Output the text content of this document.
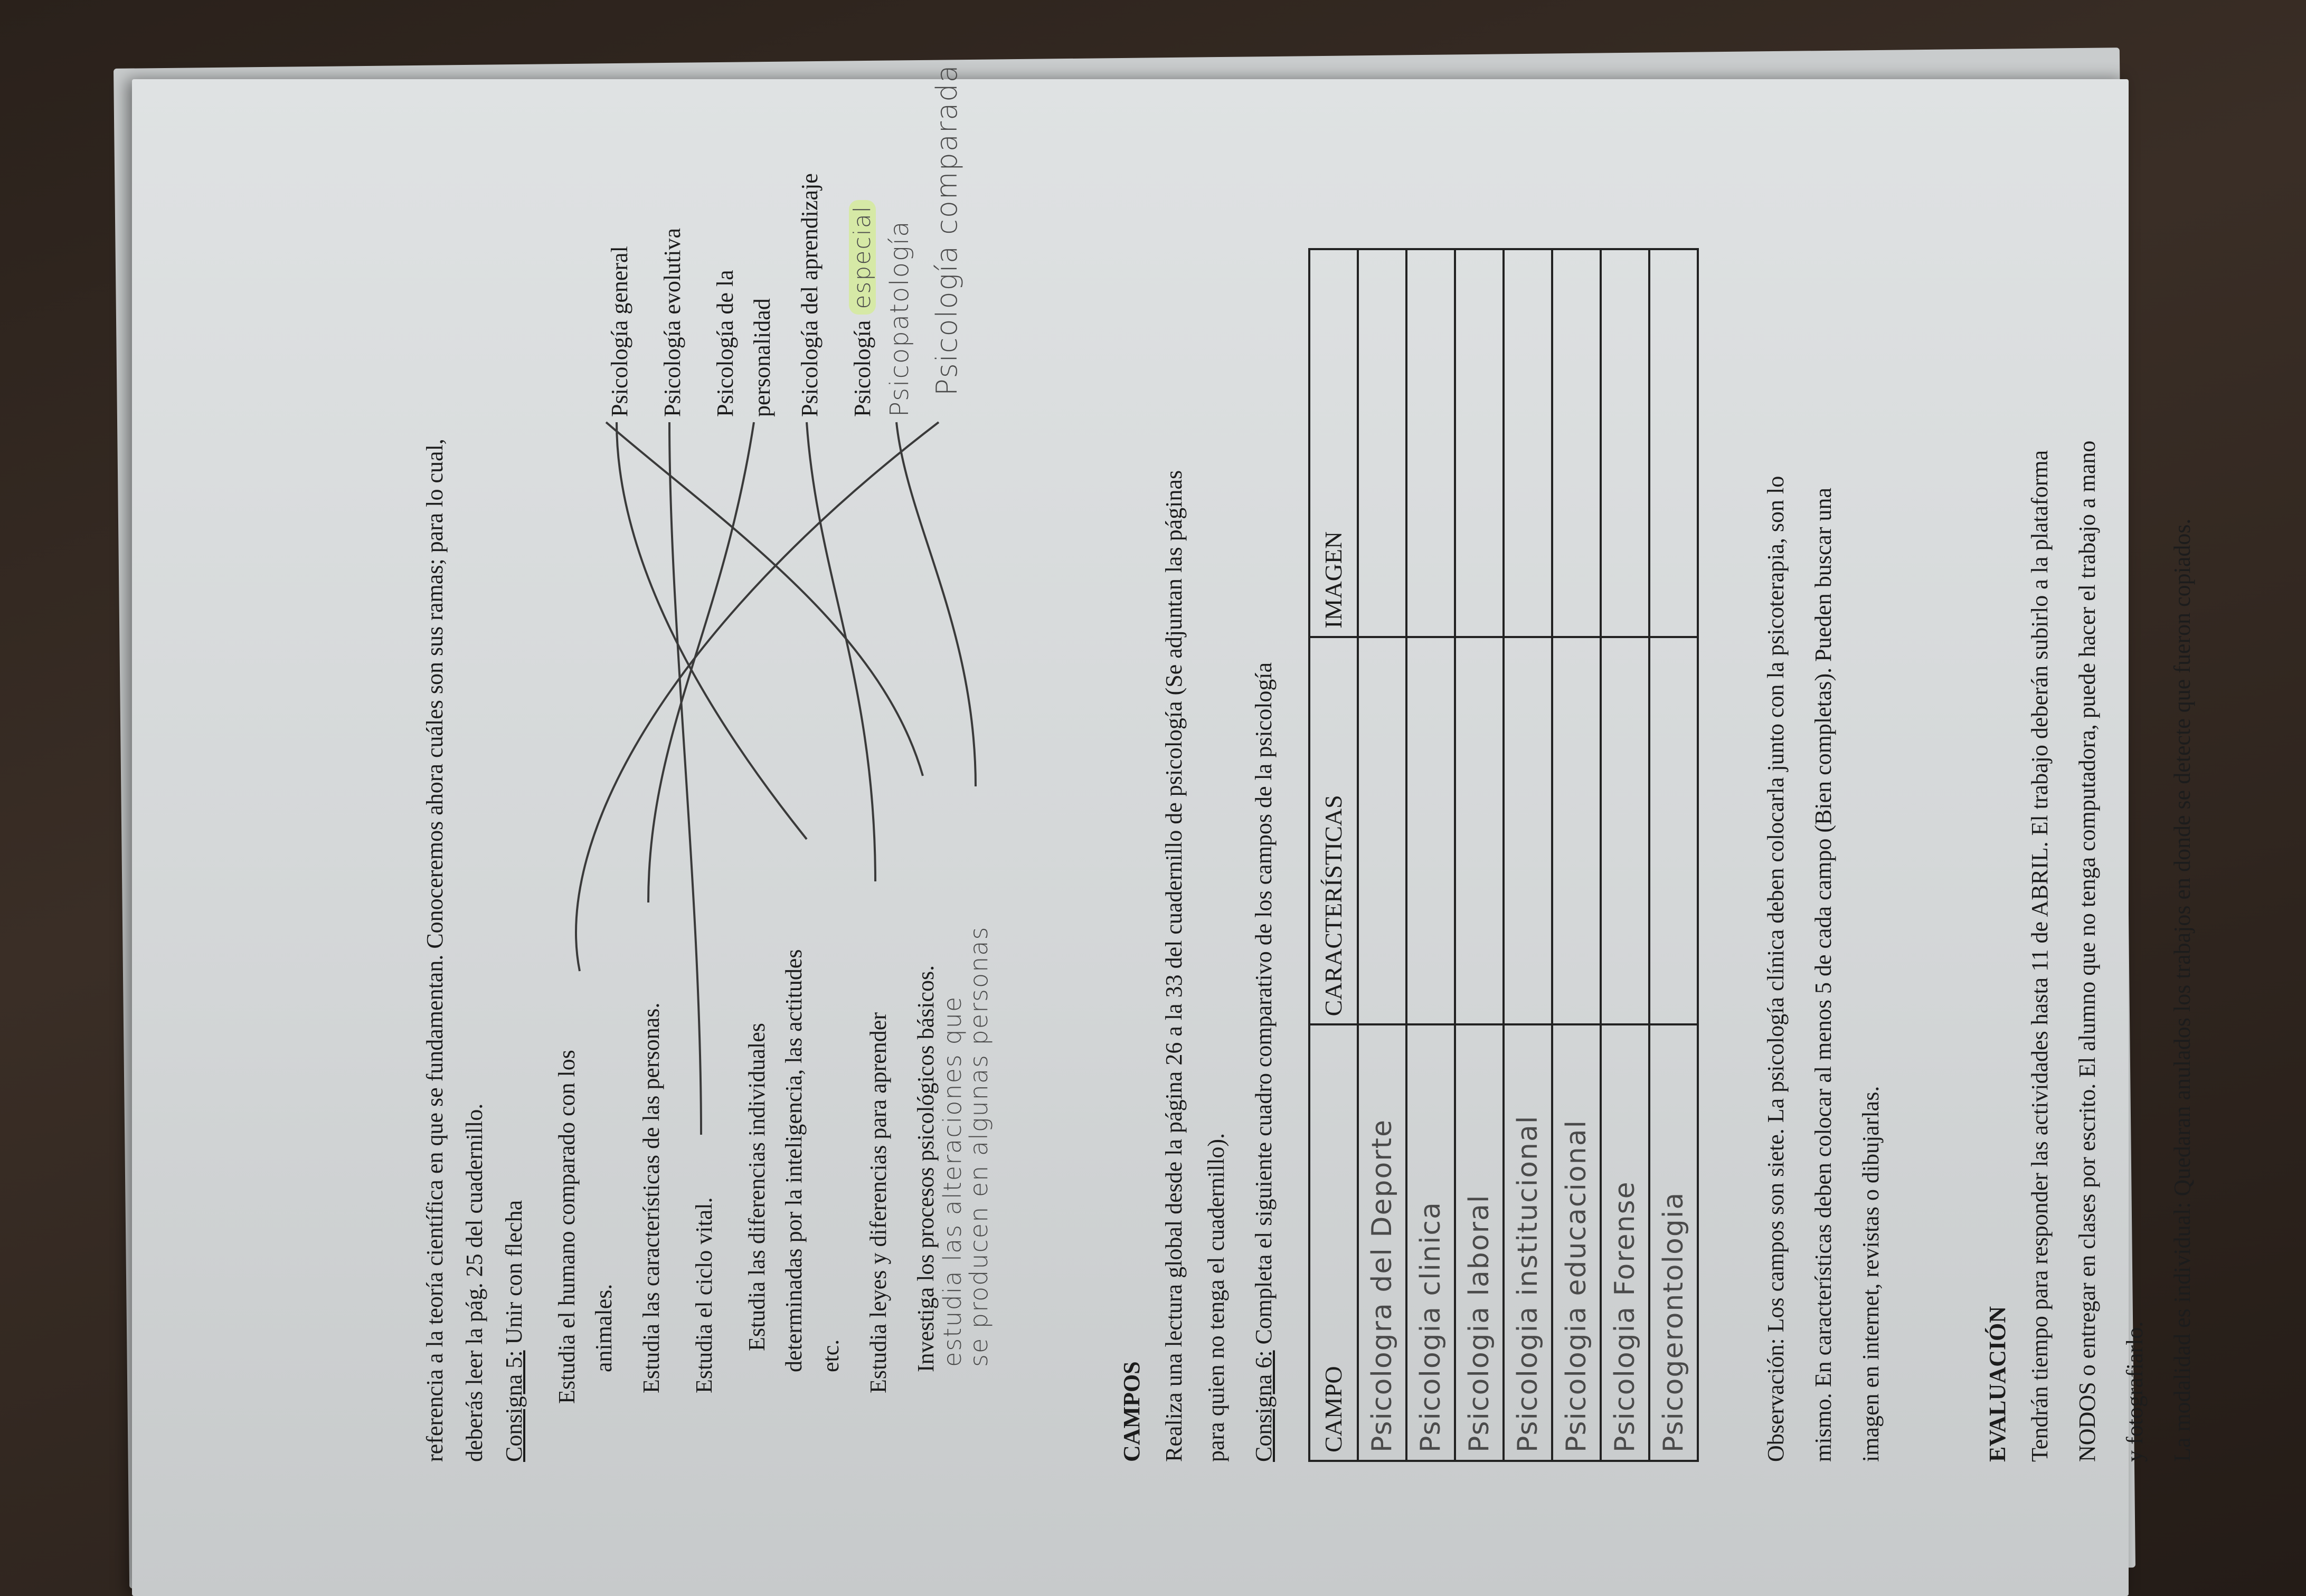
referencia a la teoría científica en que se fundamentan. Conoceremos ahora cuáles son sus ramas; para lo cual, deberás leer la pág. 25 del cuadernillo. Consigna 5: Unir con flecha Estudia el humano comparado con los animales. Estudia las características de las personas. Estudia el ciclo vital. Estudia las diferencias individuales determinadas por la inteligencia, las actitudes etc. Estudia leyes y diferencias para aprender Investiga los procesos psicológicos básicos. estudia las alteraciones que
se producen en algunas personas
Psicología general Psicología evolutiva Psicología de la personalidad Psicología del aprendizaje Psicología especial Psicopatología Psicología comparada
CAMPOS Realiza una lectura global desde la página 26 a la 33 del cuadernillo de psicología (Se adjuntan las páginas para quien no tenga el cuadernillo). Consigna 6: Completa el siguiente cuadro comparativo de los campos de la psicología
CAMPO	CARACTERÍSTICAS	IMAGEN
Psicologra del Deporte		
Psicologia clinica		
Psicologia laboral		
Psicologia institucional		
Psicologia educacional		
Psicologia Forense		
Psicogerontologia			Observación: Los campos son siete. La psicología clínica deben colocarla junto con la psicoterapia, son lo mismo. En características deben colocar al menos 5 de cada campo (Bien completas). Pueden buscar una imagen en internet, revistas o dibujarlas.	EVALUACIÓN Tendrán tiempo para responder las actividades hasta 11 de ABRIL. El trabajo deberán subirlo a la plataforma NODOS o entregar en clases por escrito. El alumno que no tenga computadora, puede hacer el trabajo a mano y fotografiarlo. La modalidad es individual: Quedaran anulados los trabajos en donde se detecte que fueron copiados.
